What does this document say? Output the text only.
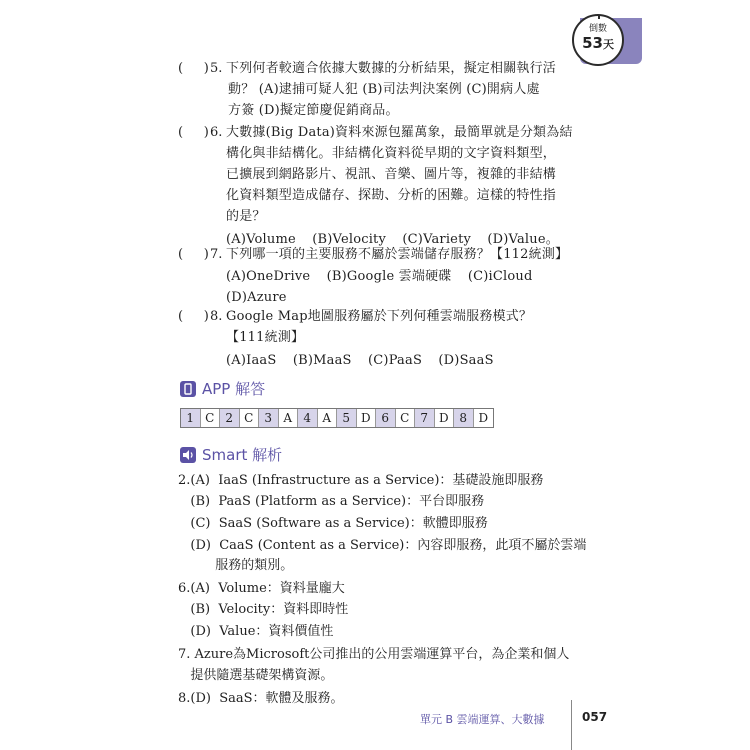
倒數
53天
(     ) 5. 下列何者較適合依據大數據的分析結果，擬定相關執行活
動？ (A)逮捕可疑人犯 (B)司法判決案例 (C)開病人處
方簽 (D)擬定節慶促銷商品。
(     ) 6. 大數據(Big Data)資料來源包羅萬象，最簡單就是分類為結
構化與非結構化。非結構化資料從早期的文字資料類型，
已擴展到網路影片、視訊、音樂、圖片等，複雜的非結構
化資料類型造成儲存、探勘、分析的困難。這樣的特性指
的是？
(A)Volume (B)Velocity (C)Variety (D)Value。
(     ) 7. 下列哪一項的主要服務不屬於雲端儲存服務？【112統測】
(A)OneDrive (B)Google 雲端硬碟 (C)iCloud
(D)Azure
(     ) 8. Google Map地圖服務屬於下列何種雲端服務模式？
【111統測】
(A)IaaS (B)MaaS (C)PaaS (D)SaaS
APP 解答
1 C 2 C 3 A 4 A 5 D 6 C 7 D 8 D
Smart 解析
2.(A)  IaaS (Infrastructure as a Service)：基礎設施即服務
(B)  PaaS (Platform as a Service)：平台即服務
(C)  SaaS (Software as a Service)：軟體即服務
(D)  CaaS (Content as a Service)：內容即服務，此項不屬於雲端
服務的類別。
6.(A)  Volume：資料量龐大
(B)  Velocity：資料即時性
(D)  Value：資料價值性
7. Azure為Microsoft公司推出的公用雲端運算平台，為企業和個人
提供隨選基礎架構資源。
8.(D)  SaaS：軟體及服務。
單元 B 雲端運算、大數據	057
